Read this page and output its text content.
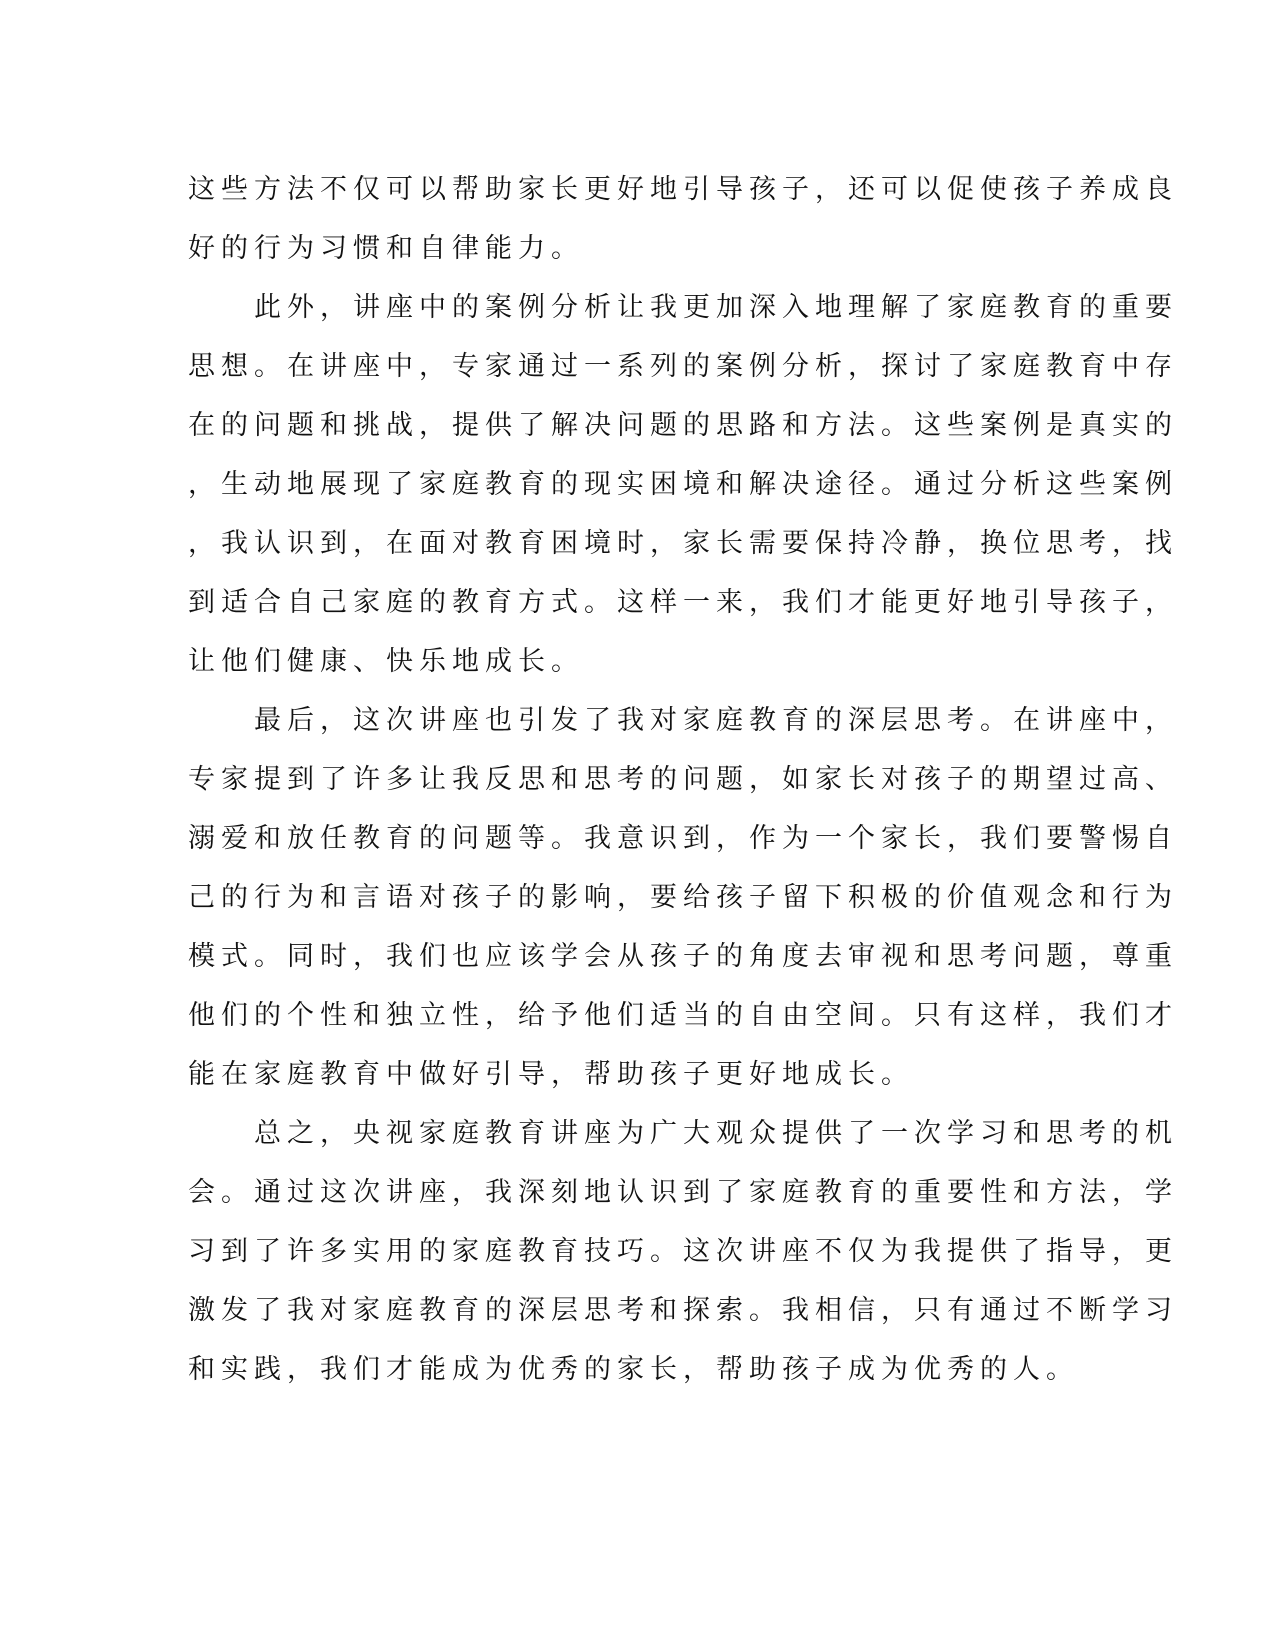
这些方法不仅可以帮助家长更好地引导孩子，还可以促使孩子养成良
好的行为习惯和自律能力。
此外，讲座中的案例分析让我更加深入地理解了家庭教育的重要
思想。在讲座中，专家通过一系列的案例分析，探讨了家庭教育中存
在的问题和挑战，提供了解决问题的思路和方法。这些案例是真实的
，生动地展现了家庭教育的现实困境和解决途径。通过分析这些案例
，我认识到，在面对教育困境时，家长需要保持冷静，换位思考，找
到适合自己家庭的教育方式。这样一来，我们才能更好地引导孩子，
让他们健康、快乐地成长。
最后，这次讲座也引发了我对家庭教育的深层思考。在讲座中，
专家提到了许多让我反思和思考的问题，如家长对孩子的期望过高、
溺爱和放任教育的问题等。我意识到，作为一个家长，我们要警惕自
己的行为和言语对孩子的影响，要给孩子留下积极的价值观念和行为
模式。同时，我们也应该学会从孩子的角度去审视和思考问题，尊重
他们的个性和独立性，给予他们适当的自由空间。只有这样，我们才
能在家庭教育中做好引导，帮助孩子更好地成长。
总之，央视家庭教育讲座为广大观众提供了一次学习和思考的机
会。通过这次讲座，我深刻地认识到了家庭教育的重要性和方法，学
习到了许多实用的家庭教育技巧。这次讲座不仅为我提供了指导，更
激发了我对家庭教育的深层思考和探索。我相信，只有通过不断学习
和实践，我们才能成为优秀的家长，帮助孩子成为优秀的人。
